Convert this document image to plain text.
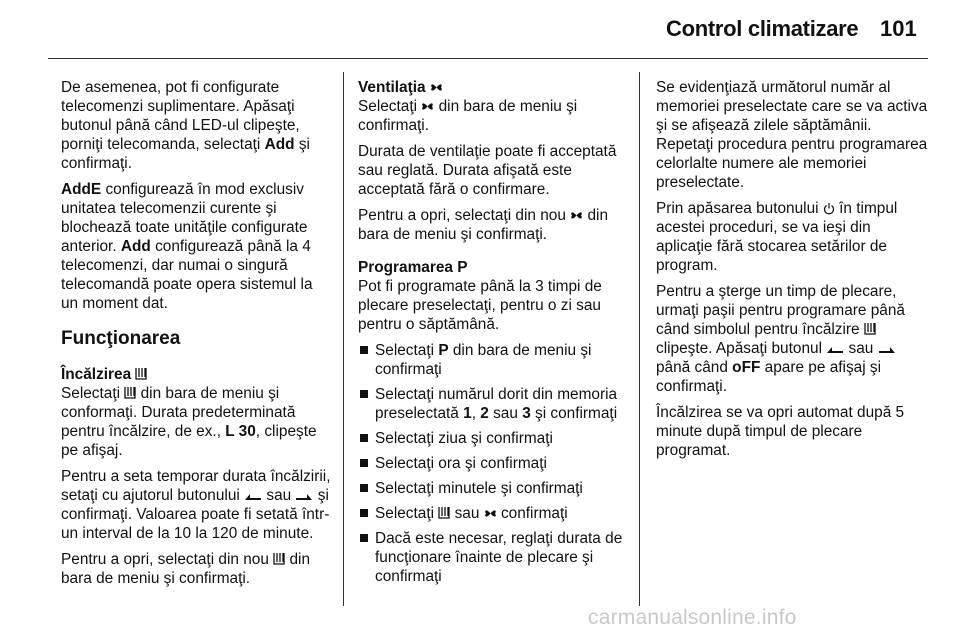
Control climatizare 101

De asemenea, pot fi configurate telecomenzi suplimentare. Apăsaţi butonul până când LED-ul clipeşte, porniţi telecomanda, selectaţi Add şi confirmaţi.

AddE configurează în mod exclusiv unitatea telecomenzii curente şi blochează toate unităţile configurate anterior. Add configurează până la 4 telecomenzi, dar numai o singură telecomandă poate opera sistemul la un moment dat.

Funcţionarea

Încălzirea
Selectaţi  din bara de meniu şi conformaţi. Durata predeterminată pentru încălzire, de ex., L 30, clipeşte pe afişaj.

Pentru a seta temporar durata încălzirii, setaţi cu ajutorul butonului  sau  şi confirmaţi. Valoarea poate fi setată într-un interval de la 10 la 120 de minute.

Pentru a opri, selectaţi din nou  din bara de meniu şi confirmaţi.

Ventilaţia
Selectaţi  din bara de meniu şi confirmaţi.

Durata de ventilaţie poate fi acceptată sau reglată. Durata afişată este acceptată fără o confirmare.

Pentru a opri, selectaţi din nou  din bara de meniu şi confirmaţi.

Programarea P
Pot fi programate până la 3 timpi de plecare preselectaţi, pentru o zi sau pentru o săptămână.

Selectaţi P din bara de meniu şi confirmaţi
Selectaţi numărul dorit din memoria preselectată 1, 2 sau 3 şi confirmaţi
Selectaţi ziua şi confirmaţi
Selectaţi ora şi confirmaţi
Selectaţi minutele şi confirmaţi
Selectaţi  sau  confirmaţi
Dacă este necesar, reglaţi durata de funcţionare înainte de plecare şi confirmaţi

Se evidenţiază următorul număr al memoriei preselectate care se va activa şi se afişează zilele săptămânii. Repetaţi procedura pentru programarea celorlalte numere ale memoriei preselectate.

Prin apăsarea butonului  în timpul acestei proceduri, se va ieşi din aplicaţie fără stocarea setărilor de program.

Pentru a şterge un timp de plecare, urmaţi paşii pentru programare până când simbolul pentru încălzire  clipeşte. Apăsaţi butonul  sau  până când oFF apare pe afişaj şi confirmaţi.

Încălzirea se va opri automat după 5 minute după timpul de plecare programat.

carmanualsonline.info
